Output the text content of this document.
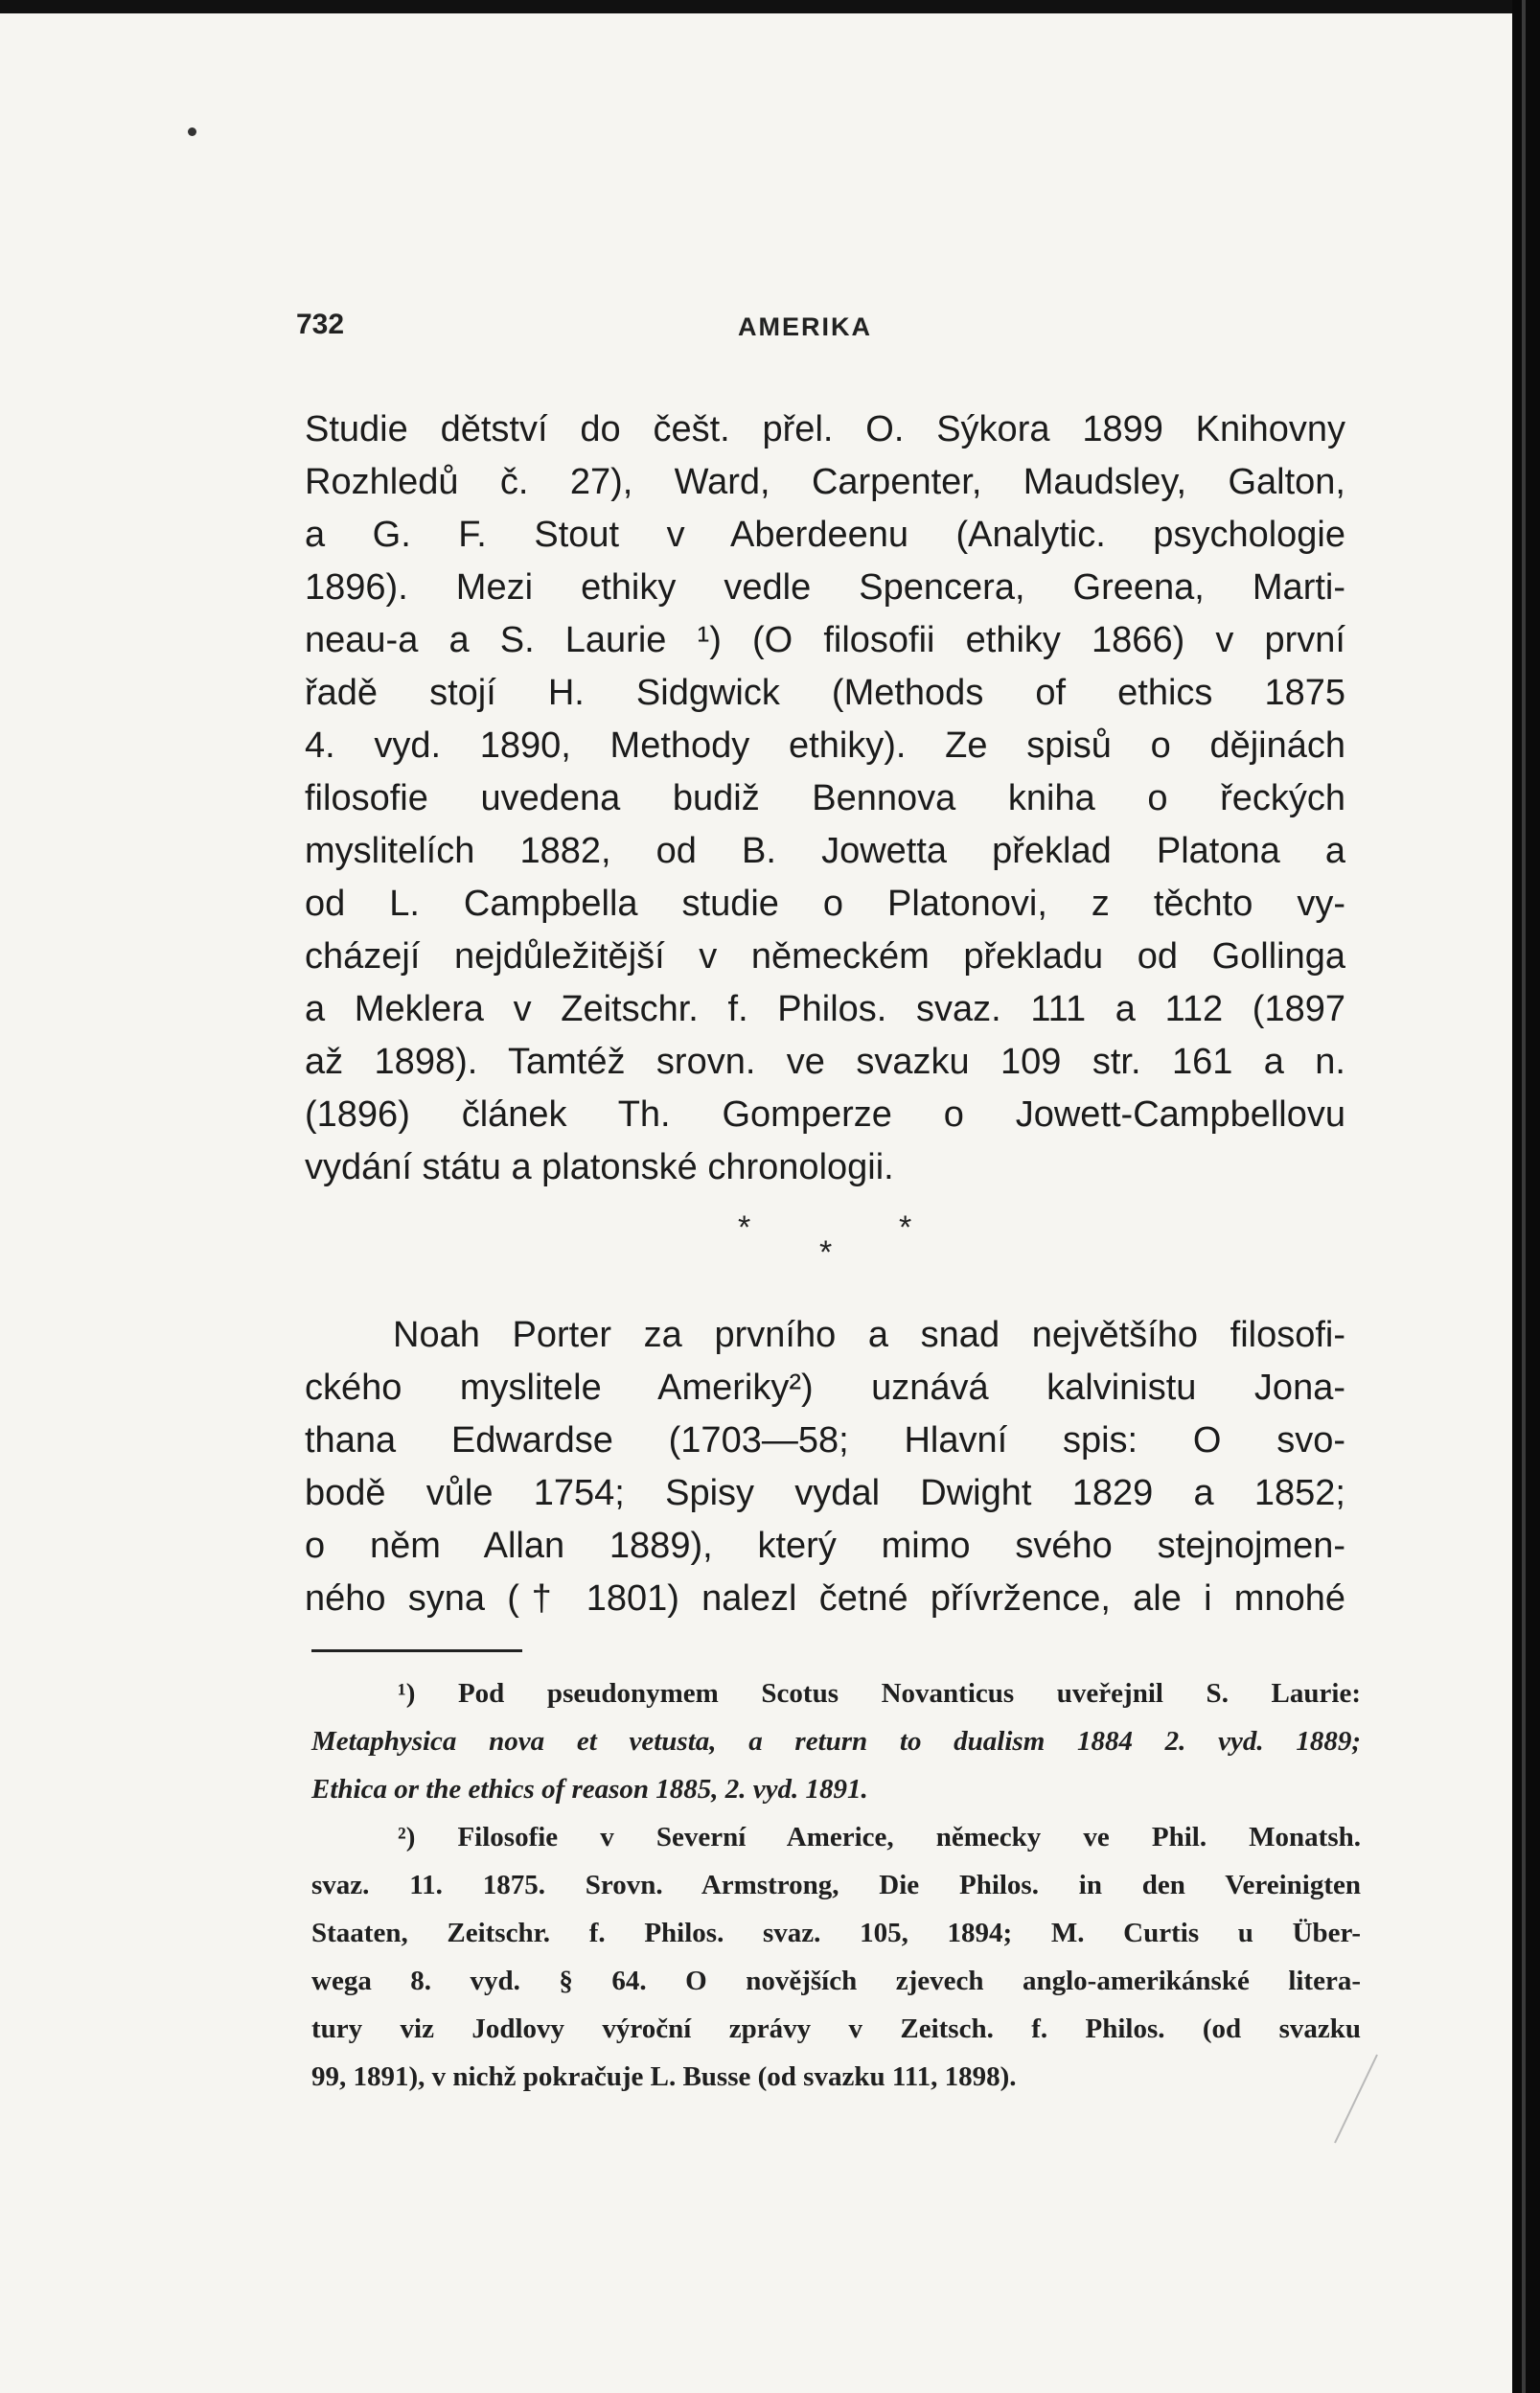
732	AMERIKA
Studie dětství do češt. přel. O. Sýkora 1899 Knihovny
Rozhledů č. 27), Ward, Carpenter, Maudsley, Galton,
a G. F. Stout v Aberdeenu (Analytic. psychologie
1896). Mezi ethiky vedle Spencera, Greena, Marti-
neau-a a S. Laurie ¹) (O filosofii ethiky 1866) v první
řadě stojí H. Sidgwick (Methods of ethics 1875
4. vyd. 1890, Methody ethiky). Ze spisů o dějinách
filosofie uvedena budiž Bennova kniha o řeckých
myslitelích 1882, od B. Jowetta překlad Platona a
od L. Campbella studie o Platonovi, z těchto vy-
cházejí nejdůležitější v německém překladu od Gollinga
a Meklera v Zeitschr. f. Philos. svaz. 111 a 112 (1897
až 1898). Tamtéž srovn. ve svazku 109 str. 161 a n.
(1896) článek Th. Gomperze o Jowett-Campbellovu
vydání státu a platonské chronologii.
*	*
*
Noah Porter za prvního a snad největšího filosofi-
ckého myslitele Ameriky²) uznává kalvinistu Jona-
thana Edwardse (1703—58; Hlavní spis: O svo-
bodě vůle 1754; Spisy vydal Dwight 1829 a 1852;
o něm Allan 1889), který mimo svého stejnojmen-
ného syna († 1801) nalezl četné přívržence, ale i mnohé
¹) Pod pseudonymem Scotus Novanticus uveřejnil S. Laurie:
Metaphysica nova et vetusta, a return to dualism 1884 2. vyd. 1889;
Ethica or the ethics of reason 1885, 2. vyd. 1891.
²) Filosofie v Severní Americe, německy ve Phil. Monatsh.
svaz. 11. 1875. Srovn. Armstrong, Die Philos. in den Vereinigten
Staaten, Zeitschr. f. Philos. svaz. 105, 1894; M. Curtis u Über-
wega 8. vyd. § 64. O novějších zjevech anglo-amerikánské litera-
tury viz Jodlovy výroční zprávy v Zeitsch. f. Philos. (od svazku
99, 1891), v nichž pokračuje L. Busse (od svazku 111, 1898).
